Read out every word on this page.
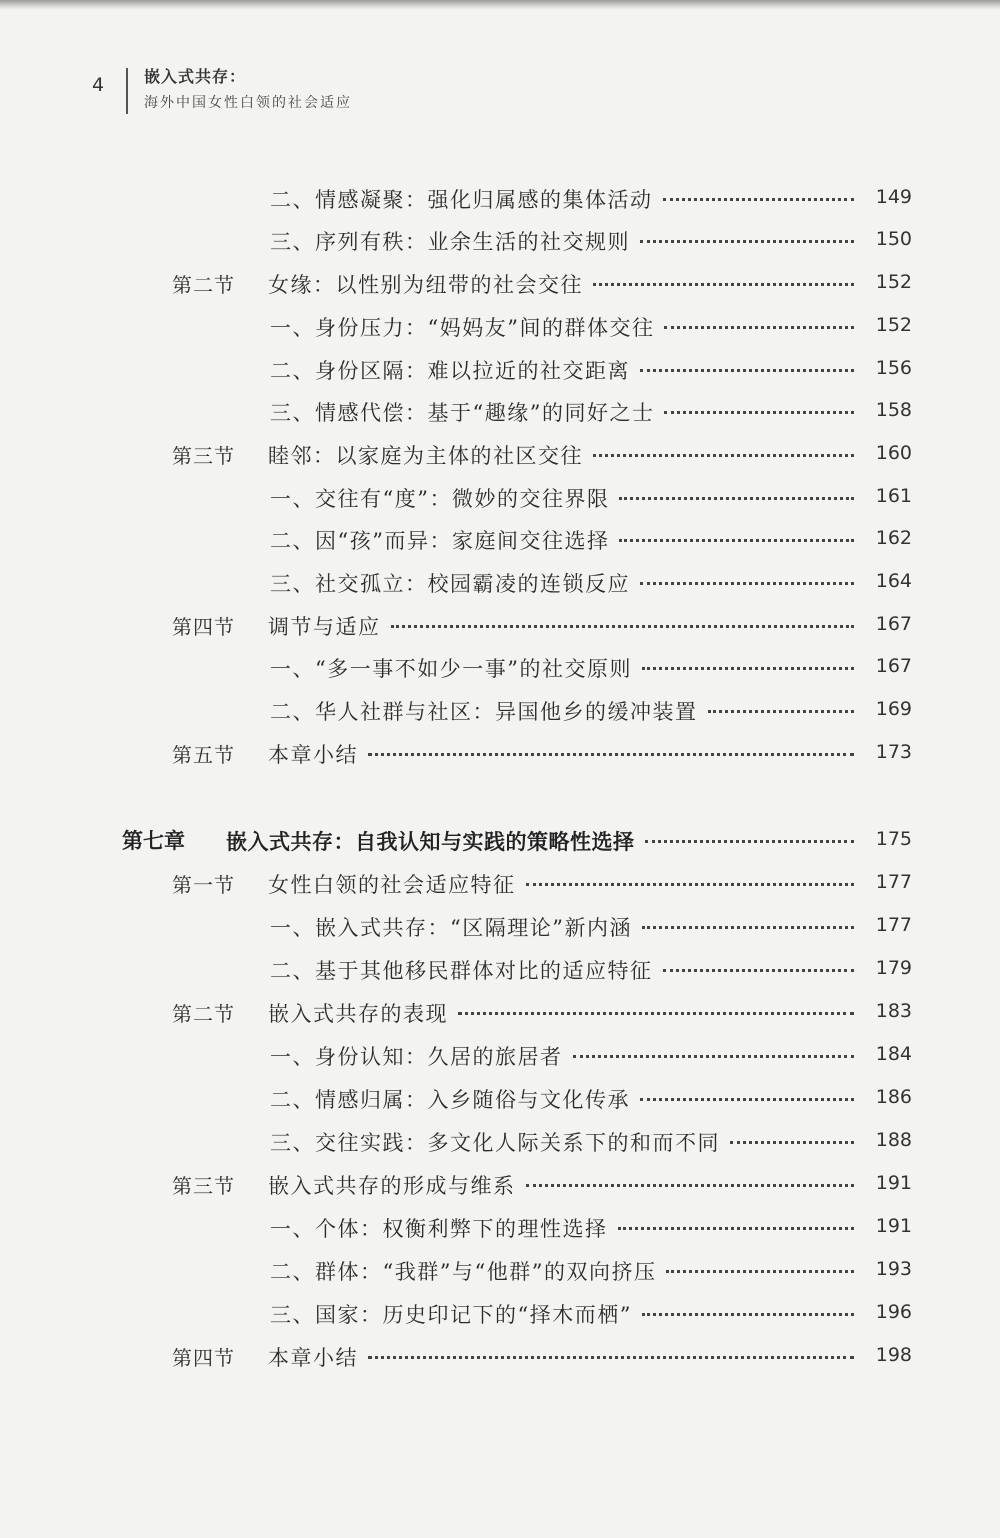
4 嵌入式共存：
海外中国女性白领的社会适应
二、情感凝聚：强化归属感的集体活动	149
三、序列有秩：业余生活的社交规则	150
第二节 女缘：以性别为纽带的社会交往	152
一、身份压力：“妈妈友”间的群体交往	152
二、身份区隔：难以拉近的社交距离	156
三、情感代偿：基于“趣缘”的同好之士	158
第三节 睦邻：以家庭为主体的社区交往	160
一、交往有“度”：微妙的交往界限	161
二、因“孩”而异：家庭间交往选择	162
三、社交孤立：校园霸凌的连锁反应	164
第四节 调节与适应	167
一、“多一事不如少一事”的社交原则	167
二、华人社群与社区：异国他乡的缓冲装置	169
第五节 本章小结	173
第七章 嵌入式共存：自我认知与实践的策略性选择	175
第一节 女性白领的社会适应特征	177
一、嵌入式共存：“区隔理论”新内涵	177
二、基于其他移民群体对比的适应特征	179
第二节 嵌入式共存的表现	183
一、身份认知：久居的旅居者	184
二、情感归属：入乡随俗与文化传承	186
三、交往实践：多文化人际关系下的和而不同	188
第三节 嵌入式共存的形成与维系	191
一、个体：权衡利弊下的理性选择	191
二、群体：“我群”与“他群”的双向挤压	193
三、国家：历史印记下的“择木而栖”	196
第四节 本章小结	198
